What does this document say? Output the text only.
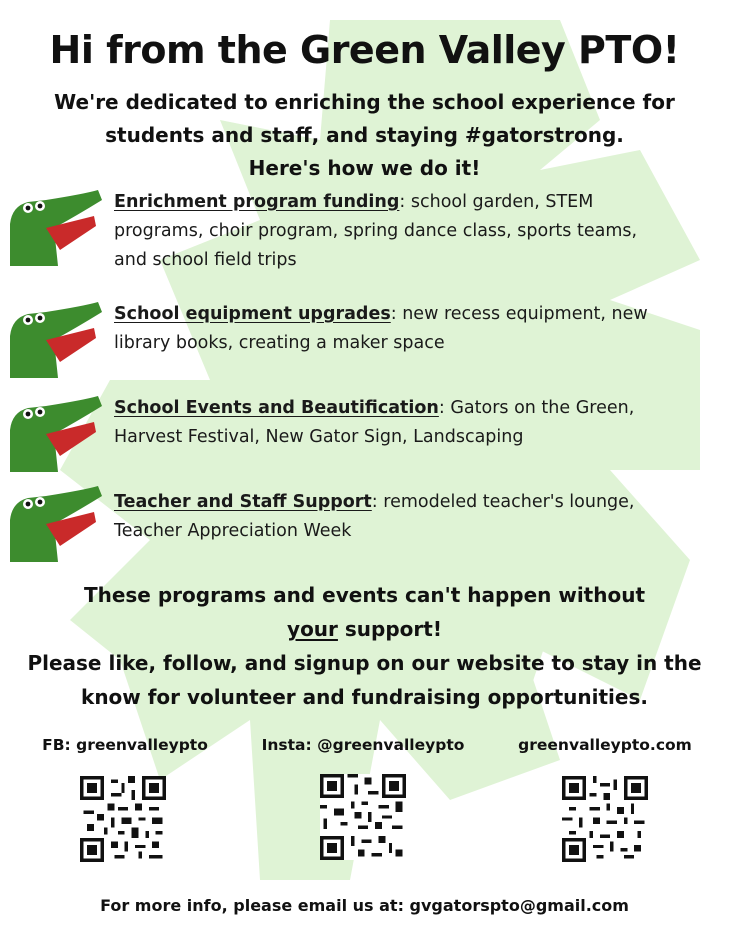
Hi from the Green Valley PTO!
We're dedicated to enriching the school experience for
students and staff, and staying #gatorstrong.
Here's how we do it!
Enrichment program funding: school garden, STEM programs, choir program, spring dance class, sports teams, and school field trips
School equipment upgrades: new recess equipment, new library books, creating a maker space
School Events and Beautification: Gators on the Green, Harvest Festival, New Gator Sign, Landscaping
Teacher and Staff Support: remodeled teacher's lounge, Teacher Appreciation Week
These programs and events can't happen without
your support!
Please like, follow, and signup on our website to stay in the
know for volunteer and fundraising opportunities.
FB: greenvalleypto	Insta: @greenvalleypto	greenvalleypto.com
For more info, please email us at: gvgatorspto@gmail.com
